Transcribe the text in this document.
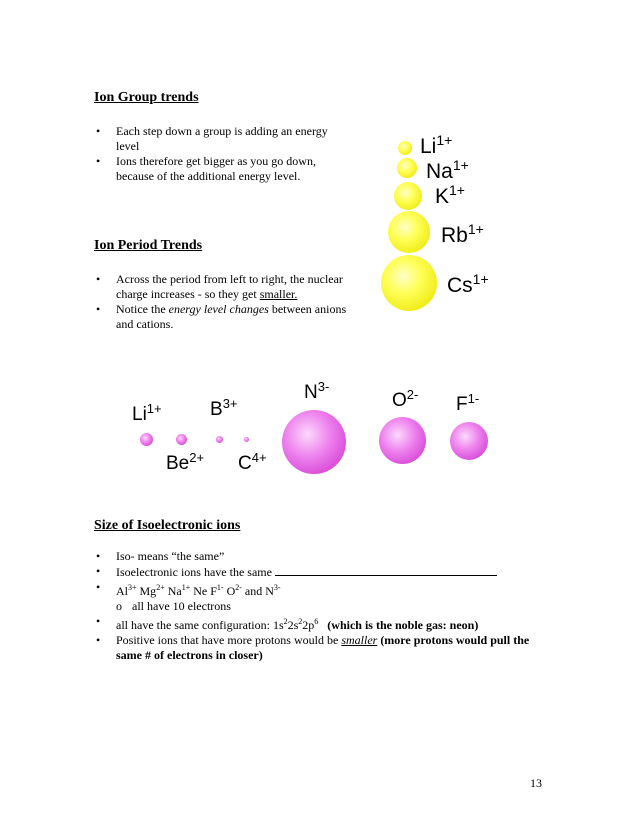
Ion Group trends
• Each step down a group is adding an energy level
• Ions therefore get bigger as you go down, because of the additional energy level.
$Li^{1+}$
$Na^{1+}$
$K^{1+}$
$Rb^{1+}$
$Cs^{1+}$
Ion Period Trends
• Across the period from left to right, the nuclear charge increases - so they get smaller.
• Notice the energy level changes between anions and cations.
$Li^{1+}$
$Be^{2+}$
$B^{3+}$
$C^{4+}$
$N^{3-}$
$O^{2-}$ $F^{1-}$
Size of Isoelectronic ions
• Iso- means “the same”
• Isoelectronic ions have the same
• $Al^{3+}$ $Mg^{2+}$ $Na^{1+}$ Ne $F^{1-}$ $O^{2-}$ and $N^{3-}$
o all have 10 electrons
• all have the same configuration: $1s^22s^22p^6$ (which is the noble gas: neon)
• Positive ions that have more protons would be smaller (more protons would pull the same # of electrons in closer)
13
